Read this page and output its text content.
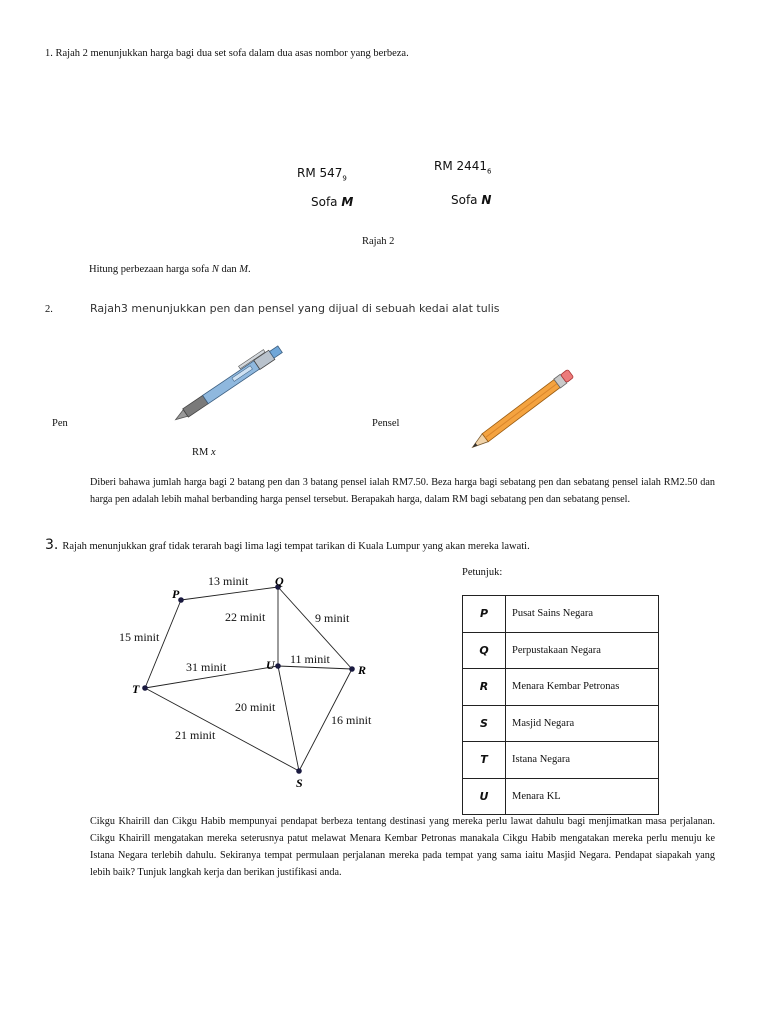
1. Rajah 2 menunjukkan harga bagi dua set sofa dalam dua asas nombor yang berbeza.
RM $547_9$
RM $2441_6$
Sofa M	Sofa N
Rajah 2
Hitung perbezaan harga sofa N dan M.
2.	Rajah3 menunjukkan pen dan pensel yang dijual di sebuah kedai alat tulis
Pen
RM x
Pensel
Diberi bahawa jumlah harga bagi 2 batang pen dan 3 batang pensel ialah RM7.50. Beza harga bagi sebatang pen dan sebatang pensel ialah RM2.50 dan harga pen adalah lebih mahal berbanding harga pensel tersebut. Berapakah harga, dalam RM bagi sebatang pen dan sebatang pensel.
3. Rajah menunjukkan graf tidak terarah bagi lima lagi tempat tarikan di Kuala Lumpur yang akan mereka lawati.
P
Q
R
S
T
U
13 minit
15 minit
22 minit	9 minit
31 minit
11 minit
20 minit
16 minit
21 minit
Petunjuk:
P	Pusat Sains Negara
Q	Perpustakaan Negara
R	Menara Kembar Petronas
S	Masjid Negara
T	Istana Negara
U	Menara KL
Cikgu Khairill dan Cikgu Habib mempunyai pendapat berbeza tentang destinasi yang mereka perlu lawat dahulu bagi menjimatkan masa perjalanan. Cikgu Khairill mengatakan mereka seterusnya patut melawat Menara Kembar Petronas manakala Cikgu Habib mengatakan mereka perlu menuju ke Istana Negara terlebih dahulu. Sekiranya tempat permulaan perjalanan mereka pada tempat yang sama iaitu Masjid Negara. Pendapat siapakah yang lebih baik? Tunjuk langkah kerja dan berikan justifikasi anda.
